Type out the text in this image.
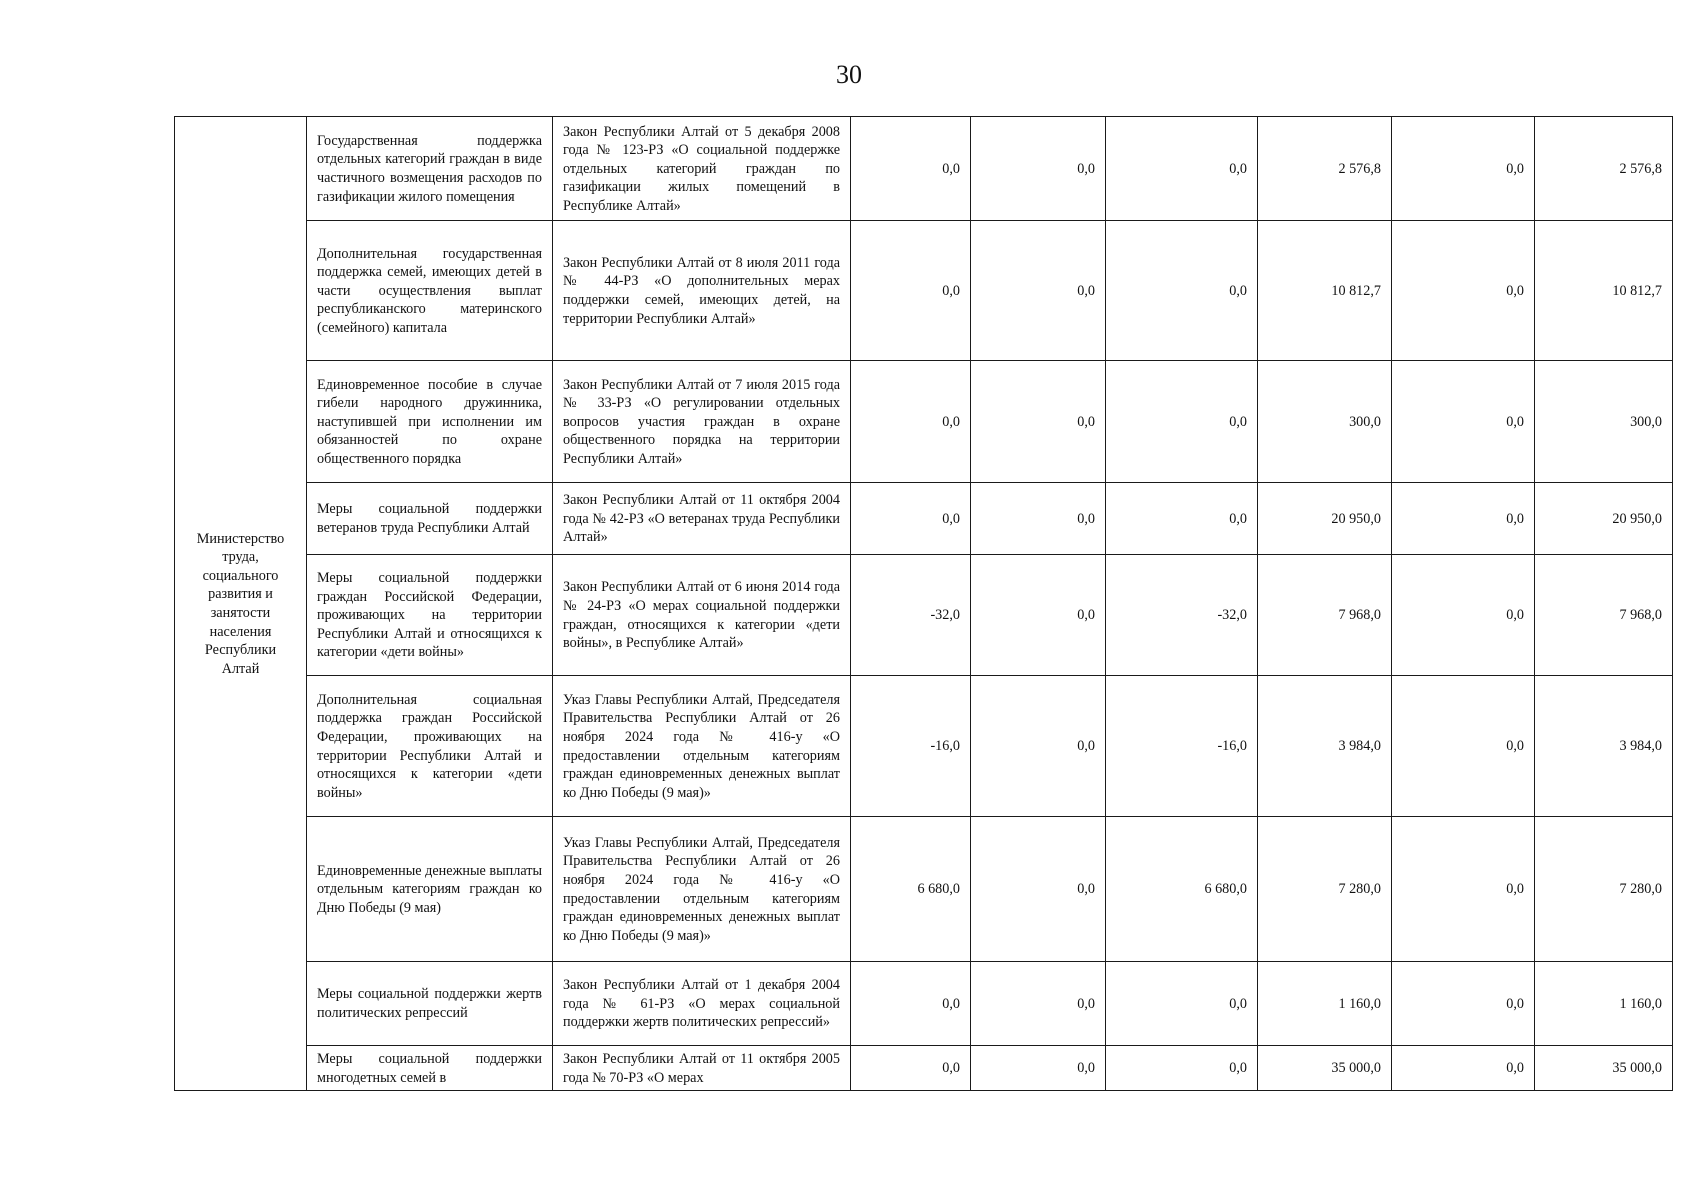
30
Министерство труда, социального развития и занятости населения Республики Алтай	Государственная поддержка отдельных категорий граждан в виде частичного возмещения расходов по газификации жилого помещения	Закон Республики Алтай от 5 декабря 2008 года № 123-РЗ «О социальной поддержке отдельных категорий граждан по газификации жилых помещений в Республике Алтай»	0,0	0,0	0,0	2 576,8	0,0	2 576,8
	Дополнительная государственная поддержка семей, имеющих детей в части осуществления выплат республиканского материнского (семейного) капитала	Закон Республики Алтай от 8 июля 2011 года № 44-РЗ «О дополнительных мерах поддержки семей, имеющих детей, на территории Республики Алтай»	0,0	0,0	0,0	10 812,7	0,0	10 812,7
	Единовременное пособие в случае гибели народного дружинника, наступившей при исполнении им обязанностей по охране общественного порядка	Закон Республики Алтай от 7 июля 2015 года № 33-РЗ «О регулировании отдельных вопросов участия граждан в охране общественного порядка на территории Республики Алтай»	0,0	0,0	0,0	300,0	0,0	300,0
	Меры социальной поддержки ветеранов труда Республики Алтай	Закон Республики Алтай от 11 октября 2004 года № 42-РЗ «О ветеранах труда Республики Алтай»	0,0	0,0	0,0	20 950,0	0,0	20 950,0
	Меры социальной поддержки граждан Российской Федерации, проживающих на территории Республики Алтай и относящихся к категории «дети войны»	Закон Республики Алтай от 6 июня 2014 года № 24-РЗ «О мерах социальной поддержки граждан, относящихся к категории «дети войны», в Республике Алтай»	-32,0	0,0	-32,0	7 968,0	0,0	7 968,0
	Дополнительная социальная поддержка граждан Российской Федерации, проживающих на территории Республики Алтай и относящихся к категории «дети войны»	Указ Главы Республики Алтай, Председателя Правительства Республики Алтай от 26 ноября 2024 года № 416-у «О предоставлении отдельным категориям граждан единовременных денежных выплат ко Дню Победы (9 мая)»	-16,0	0,0	-16,0	3 984,0	0,0	3 984,0
	Единовременные денежные выплаты отдельным категориям граждан ко Дню Победы (9 мая)	Указ Главы Республики Алтай, Председателя Правительства Республики Алтай от 26 ноября 2024 года № 416-у «О предоставлении отдельным категориям граждан единовременных денежных выплат ко Дню Победы (9 мая)»	6 680,0	0,0	6 680,0	7 280,0	0,0	7 280,0
	Меры социальной поддержки жертв политических репрессий	Закон Республики Алтай от 1 декабря 2004 года № 61-РЗ «О мерах социальной поддержки жертв политических репрессий»	0,0	0,0	0,0	1 160,0	0,0	1 160,0

	Меры социальной поддержки многодетных семей в	Закон Республики Алтай от 11 октября 2005 года № 70-РЗ «О мерах	0,0	0,0	0,0	35 000,0	0,0	35 000,0
